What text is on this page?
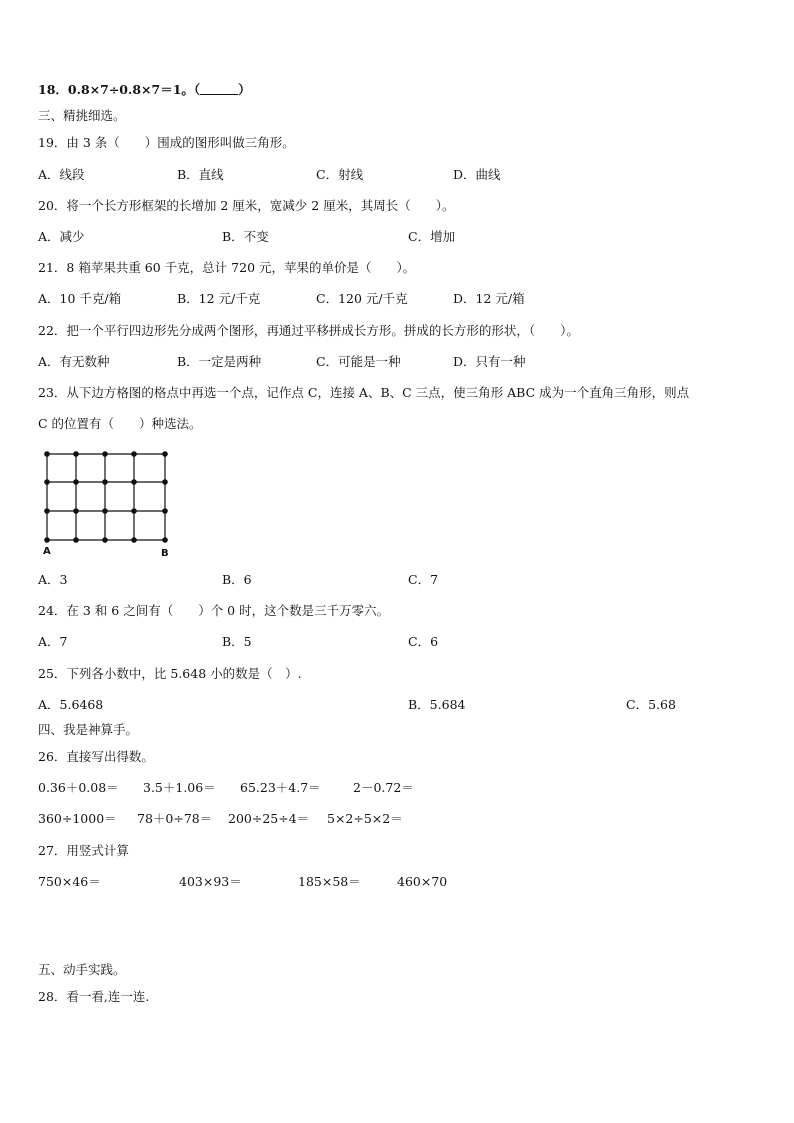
18．0.8×7÷0.8×7＝1。（	）
三、精挑细选。
19．由 3 条（　　）围成的图形叫做三角形。
A．线段	B．直线	C．射线	D．曲线
20．将一个长方形框架的长增加 2 厘米，宽减少 2 厘米，其周长（　　）。
A．减少	B．不变	C．增加
21．8 箱苹果共重 60 千克，总计 720 元，苹果的单价是（　　）。
A．10 千克/箱	B．12 元/千克	C．120 元/千克	D．12 元/箱
22．把一个平行四边形先分成两个图形，再通过平移拼成长方形。拼成的长方形的形状，（　　）。
A．有无数种	B．一定是两种	C．可能是一种	D．只有一种
23．从下边方格图的格点中再选一个点，记作点 C，连接 A、B、C 三点，使三角形 ABC 成为一个直角三角形，则点
C 的位置有（　　）种选法。
A	B
A．3	B．6	C．7
24．在 3 和 6 之间有（　　）个 0 时，这个数是三千万零六。
A．7	B．5	C．6
25．下列各小数中，比 5.648 小的数是（　）.
A．5.6468	B．5.684	C．5.68
四、我是神算手。
26．直接写出得数。
0.36＋0.08＝ 3.5＋1.06＝ 65.23＋4.7＝	2－0.72＝
360÷1000＝ 78＋0÷78＝ 200÷25÷4＝ 5×2÷5×2＝
27．用竖式计算
750×46＝	403×93＝	185×58＝	460×70
五、动手实践。
28．看一看,连一连.
